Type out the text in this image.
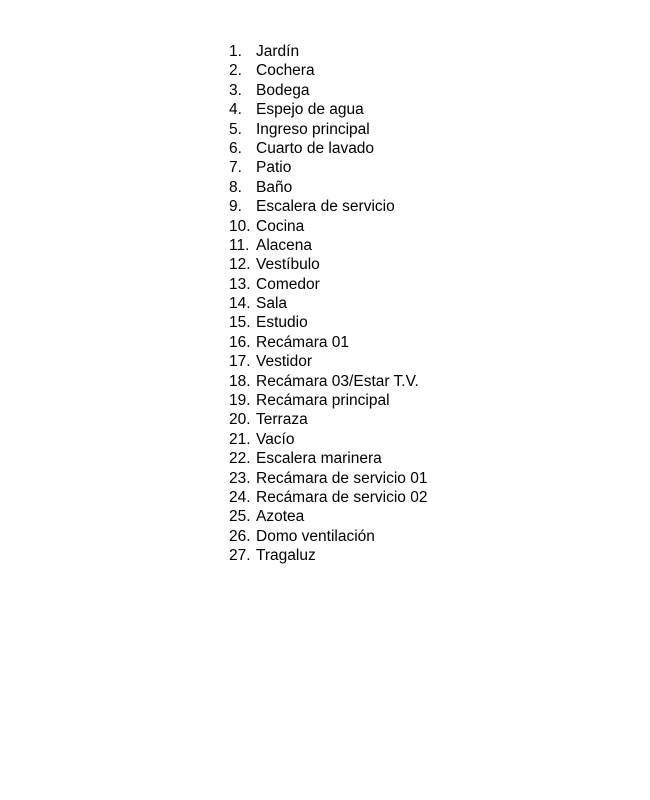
1. Jardín
2. Cochera
3. Bodega
4. Espejo de agua
5. Ingreso principal
6. Cuarto de lavado
7. Patio
8. Baño
9. Escalera de servicio
10. Cocina
11. Alacena
12. Vestíbulo
13. Comedor
14. Sala
15. Estudio
16. Recámara 01
17. Vestidor
18. Recámara 03/Estar T.V.
19. Recámara principal
20. Terraza
21. Vacío
22. Escalera marinera
23. Recámara de servicio 01
24. Recámara de servicio 02
25. Azotea
26. Domo ventilación
27. Tragaluz
